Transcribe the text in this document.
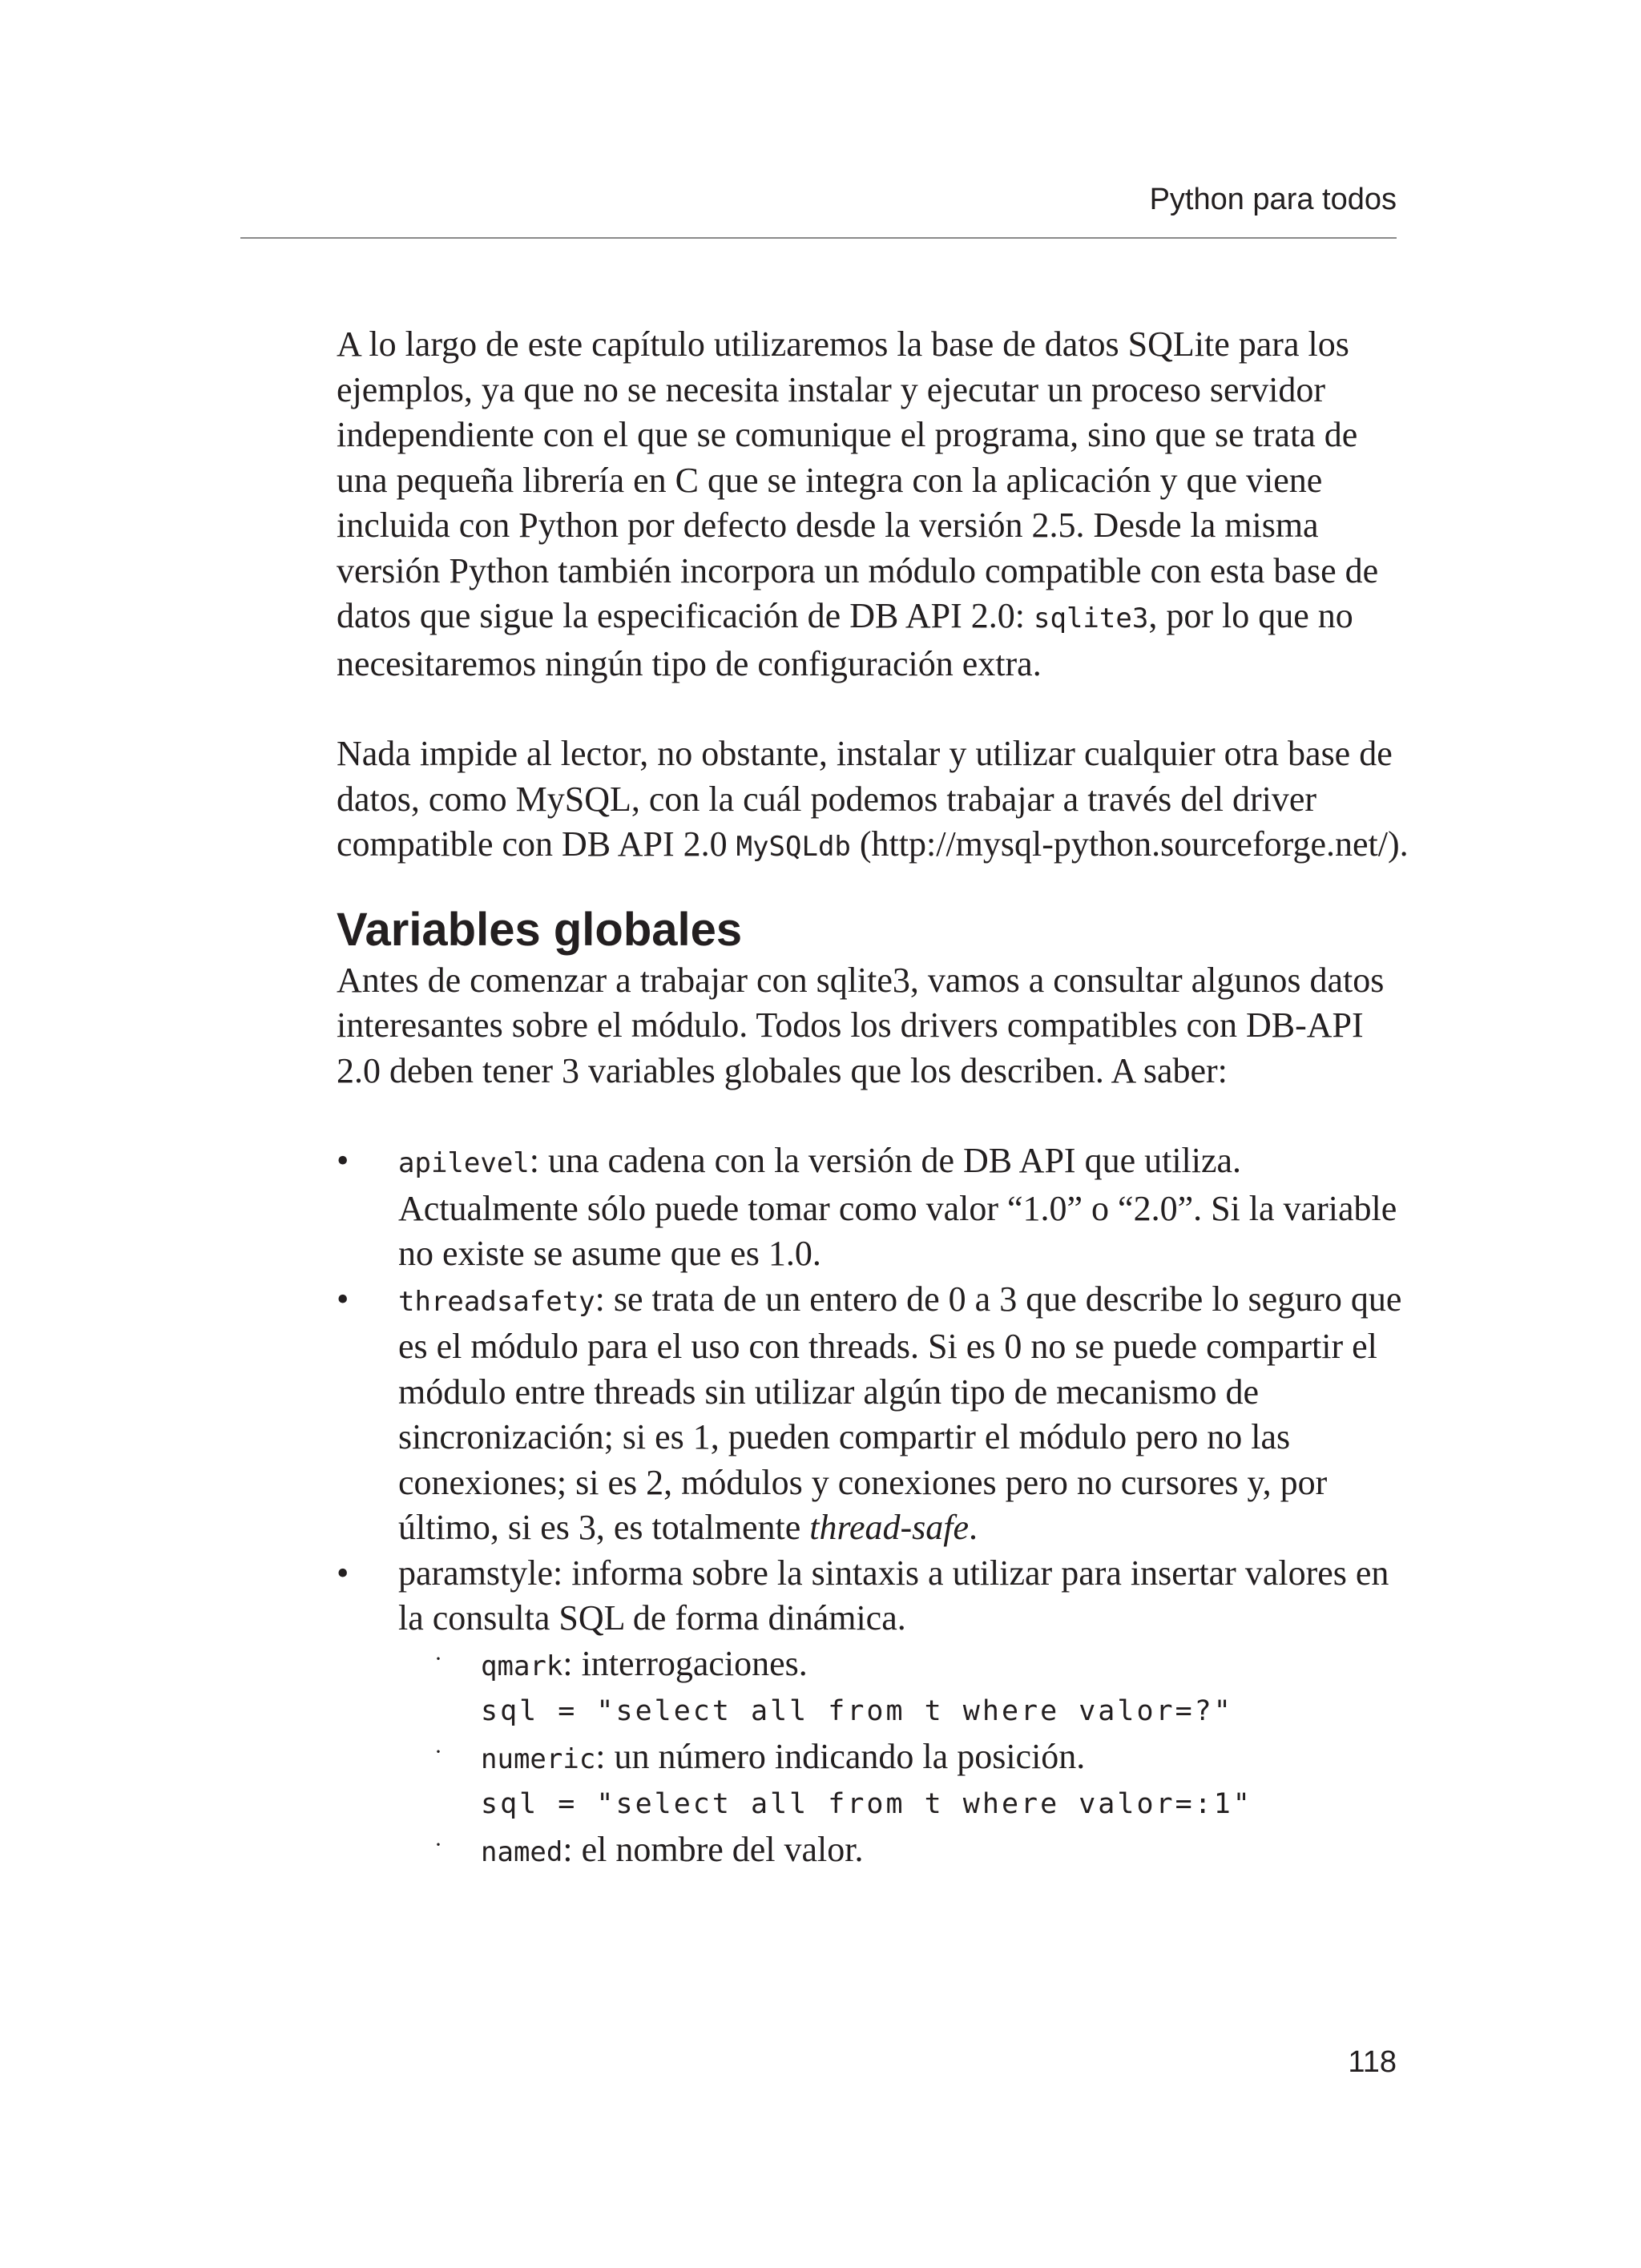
Python para todos

A lo largo de este capítulo utilizaremos la base de datos SQLite para los ejemplos, ya que no se necesita instalar y ejecutar un proceso servidor independiente con el que se comunique el programa, sino que se trata de una pequeña librería en C que se integra con la aplicación y que viene incluida con Python por defecto desde la versión 2.5. Desde la misma versión Python también incorpora un módulo compatible con esta base de datos que sigue la especificación de DB API 2.0: sqlite3, por lo que no necesitaremos ningún tipo de configuración extra.

Nada impide al lector, no obstante, instalar y utilizar cualquier otra base de datos, como MySQL, con la cuál podemos trabajar a través del driver compatible con DB API 2.0 MySQLdb (http://mysql-python.sourceforge.net/).

Variables globales

Antes de comenzar a trabajar con sqlite3, vamos a consultar algunos datos interesantes sobre el módulo. Todos los drivers compatibles con DB-API 2.0 deben tener 3 variables globales que los describen. A saber:

• apilevel: una cadena con la versión de DB API que utiliza. Actualmente sólo puede tomar como valor “1.0” o “2.0”. Si la variable no existe se asume que es 1.0.
• threadsafety: se trata de un entero de 0 a 3 que describe lo seguro que es el módulo para el uso con threads. Si es 0 no se puede compartir el módulo entre threads sin utilizar algún tipo de mecanismo de sincronización; si es 1, pueden compartir el módulo pero no las conexiones; si es 2, módulos y conexiones pero no cursores y, por último, si es 3, es totalmente thread-safe.
• paramstyle: informa sobre la sintaxis a utilizar para insertar valores en la consulta SQL de forma dinámica.
· qmark: interrogaciones.
sql = "select all from t where valor=?"
· numeric: un número indicando la posición.
sql = "select all from t where valor=:1"
· named: el nombre del valor.
118
